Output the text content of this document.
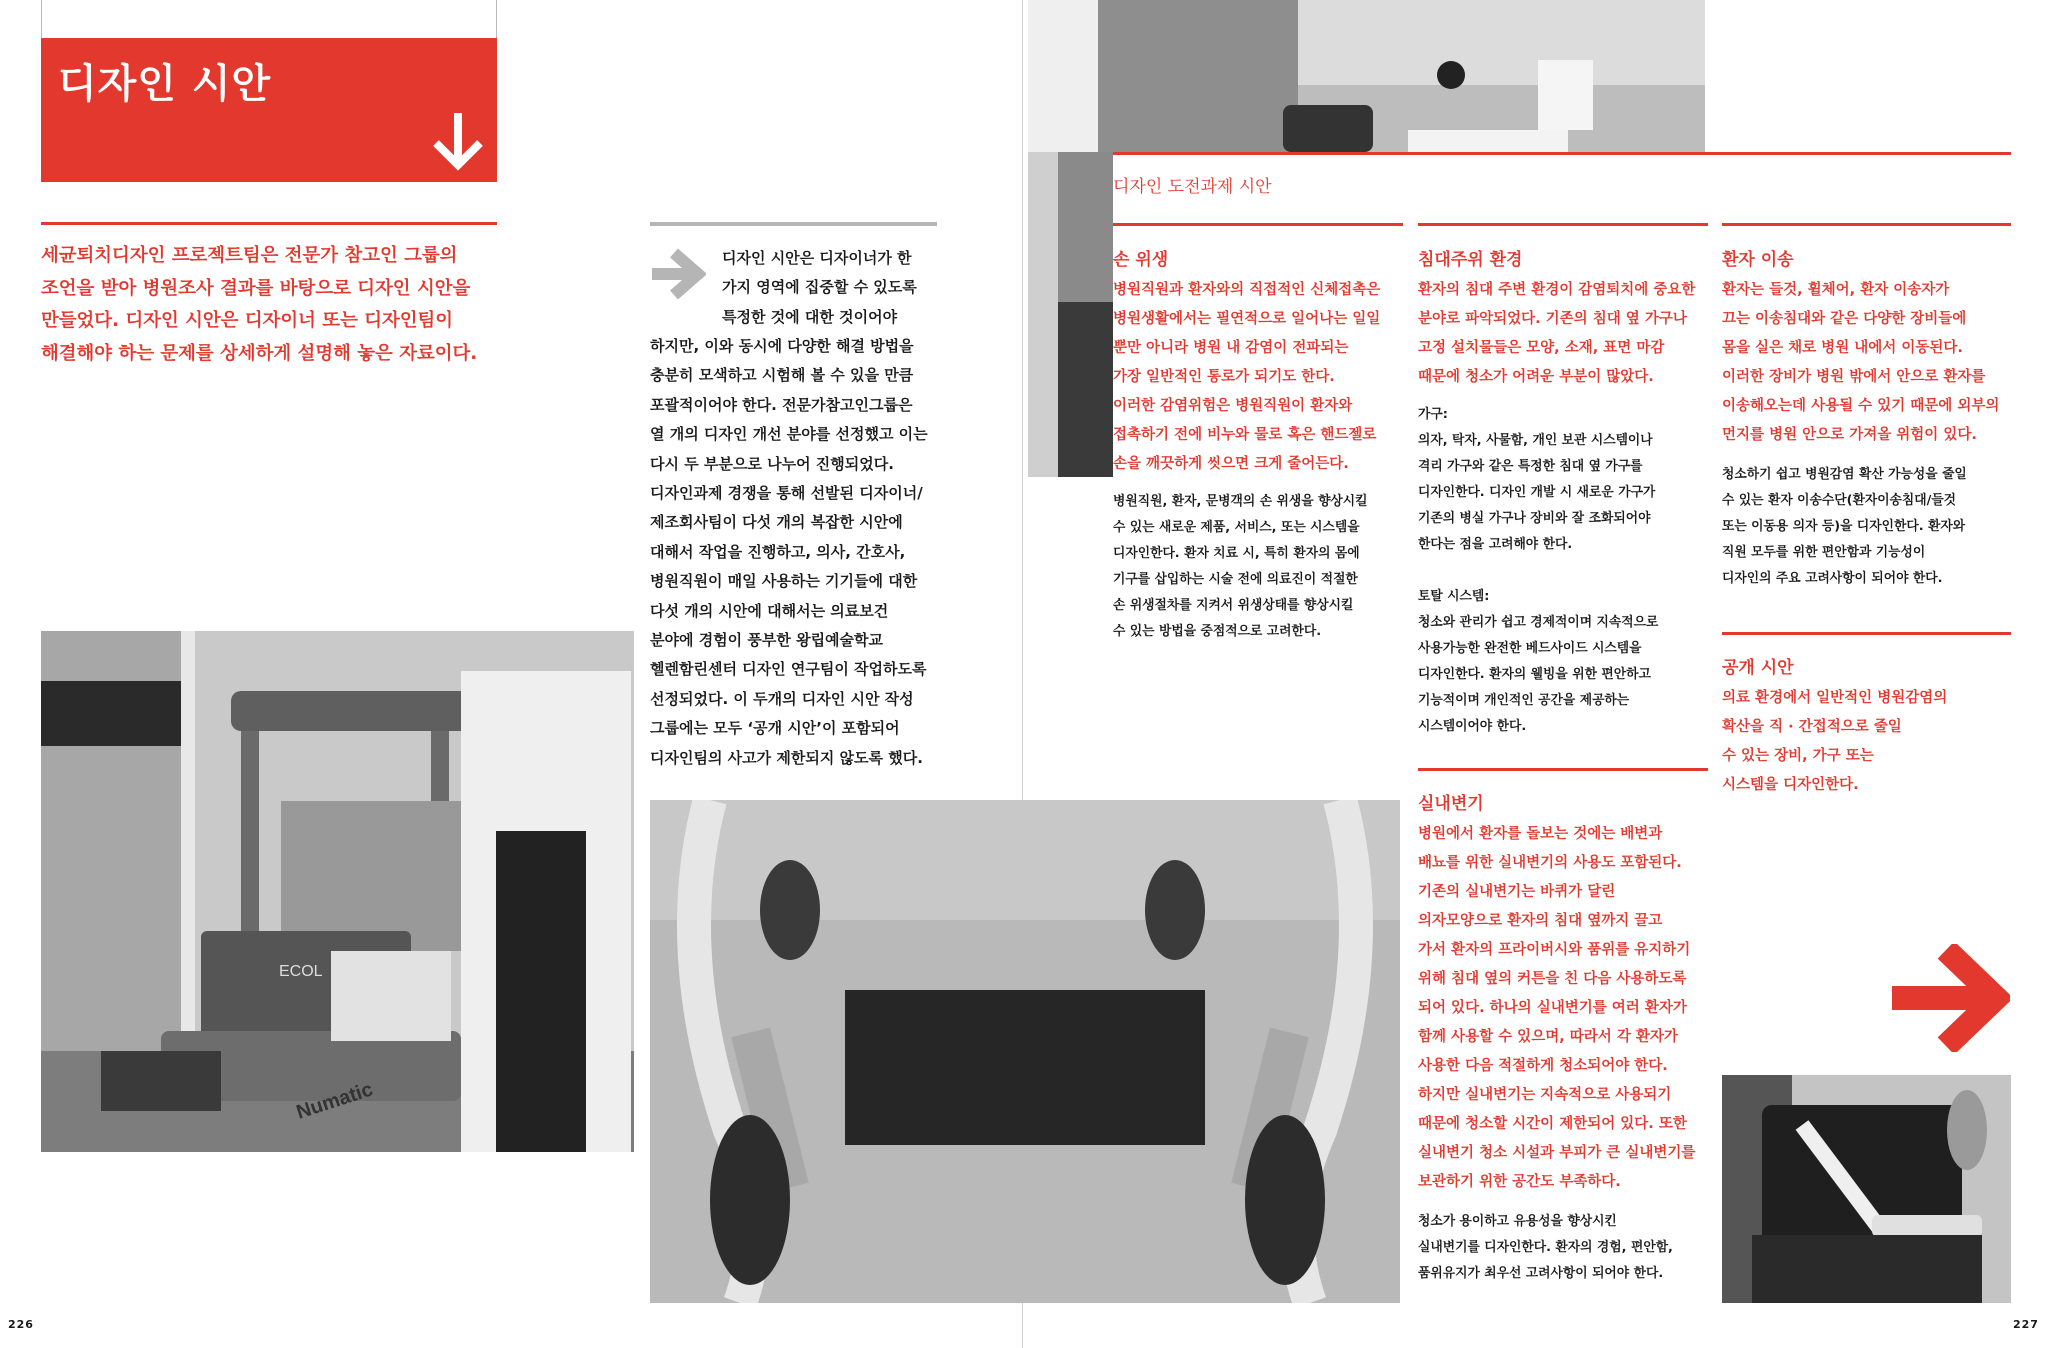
디자인 시안

세균퇴치디자인 프로젝트팀은 전문가 참고인 그룹의
조언을 받아 병원조사 결과를 바탕으로 디자인 시안을
만들었다. 디자인 시안은 디자이너 또는 디자인팀이
해결해야 하는 문제를 상세하게 설명해 놓은 자료이다.

디자인 시안은 디자이너가 한
가지 영역에 집중할 수 있도록
특정한 것에 대한 것이어야

하지만, 이와 동시에 다양한 해결 방법을
충분히 모색하고 시험해 볼 수 있을 만큼
포괄적이어야 한다. 전문가참고인그룹은
열 개의 디자인 개선 분야를 선정했고 이는
다시 두 부분으로 나누어 진행되었다.
디자인과제 경쟁을 통해 선발된 디자이너/
제조회사팀이 다섯 개의 복잡한 시안에
대해서 작업을 진행하고, 의사, 간호사,
병원직원이 매일 사용하는 기기들에 대한
다섯 개의 시안에 대해서는 의료보건
분야에 경험이 풍부한 왕립예술학교
헬렌함린센터 디자인 연구팀이 작업하도록
선정되었다. 이 두개의 디자인 시안 작성
그룹에는 모두 ‘공개 시안’이 포함되어
디자인팀의 사고가 제한되지 않도록 했다.

ECOL
Numatic
226
디자인 도전과제 시안
손 위생

병원직원과 환자와의 직접적인 신체접촉은
병원생활에서는 필연적으로 일어나는 일일
뿐만 아니라 병원 내 감염이 전파되는
가장 일반적인 통로가 되기도 한다.
이러한 감염위험은 병원직원이 환자와
접촉하기 전에 비누와 물로 혹은 핸드젤로
손을 깨끗하게 씻으면 크게 줄어든다.

병원직원, 환자, 문병객의 손 위생을 향상시킬
수 있는 새로운 제품, 서비스, 또는 시스템을
디자인한다. 환자 치료 시, 특히 환자의 몸에
기구를 삽입하는 시술 전에 의료진이 적절한
손 위생절차를 지켜서 위생상태를 향상시킬
수 있는 방법을 중점적으로 고려한다.

침대주위 환경

환자의 침대 주변 환경이 감염퇴치에 중요한
분야로 파악되었다. 기존의 침대 옆 가구나
고정 설치물들은 모양, 소재, 표면 마감
때문에 청소가 어려운 부분이 많았다.

가구:
의자, 탁자, 사물함, 개인 보관 시스템이나
격리 가구와 같은 특정한 침대 옆 가구를
디자인한다. 디자인 개발 시 새로운 가구가
기존의 병실 가구나 장비와 잘 조화되어야
한다는 점을 고려해야 한다.

토탈 시스템:
청소와 관리가 쉽고 경제적이며 지속적으로
사용가능한 완전한 베드사이드 시스템을
디자인한다. 환자의 웰빙을 위한 편안하고
기능적이며 개인적인 공간을 제공하는
시스템이어야 한다.

환자 이송

환자는 들것, 휠체어, 환자 이송자가
끄는 이송침대와 같은 다양한 장비들에
몸을 실은 채로 병원 내에서 이동된다.
이러한 장비가 병원 밖에서 안으로 환자를
이송해오는데 사용될 수 있기 때문에 외부의
먼지를 병원 안으로 가져올 위험이 있다.

청소하기 쉽고 병원감염 확산 가능성을 줄일
수 있는 환자 이송수단(환자이송침대/들것
또는 이동용 의자 등)을 디자인한다. 환자와
직원 모두를 위한 편안함과 기능성이
디자인의 주요 고려사항이 되어야 한다.

공개 시안

의료 환경에서 일반적인 병원감염의
확산을 직 · 간접적으로 줄일
수 있는 장비, 가구 또는
시스템을 디자인한다.

실내변기

병원에서 환자를 돌보는 것에는 배변과
배뇨를 위한 실내변기의 사용도 포함된다.
기존의 실내변기는 바퀴가 달린
의자모양으로 환자의 침대 옆까지 끌고
가서 환자의 프라이버시와 품위를 유지하기
위해 침대 옆의 커튼을 친 다음 사용하도록
되어 있다. 하나의 실내변기를 여러 환자가
함께 사용할 수 있으며, 따라서 각 환자가
사용한 다음 적절하게 청소되어야 한다.
하지만 실내변기는 지속적으로 사용되기
때문에 청소할 시간이 제한되어 있다. 또한
실내변기 청소 시설과 부피가 큰 실내변기를
보관하기 위한 공간도 부족하다.

청소가 용이하고 유용성을 향상시킨
실내변기를 디자인한다. 환자의 경험, 편안함,
품위유지가 최우선 고려사항이 되어야 한다.

227
